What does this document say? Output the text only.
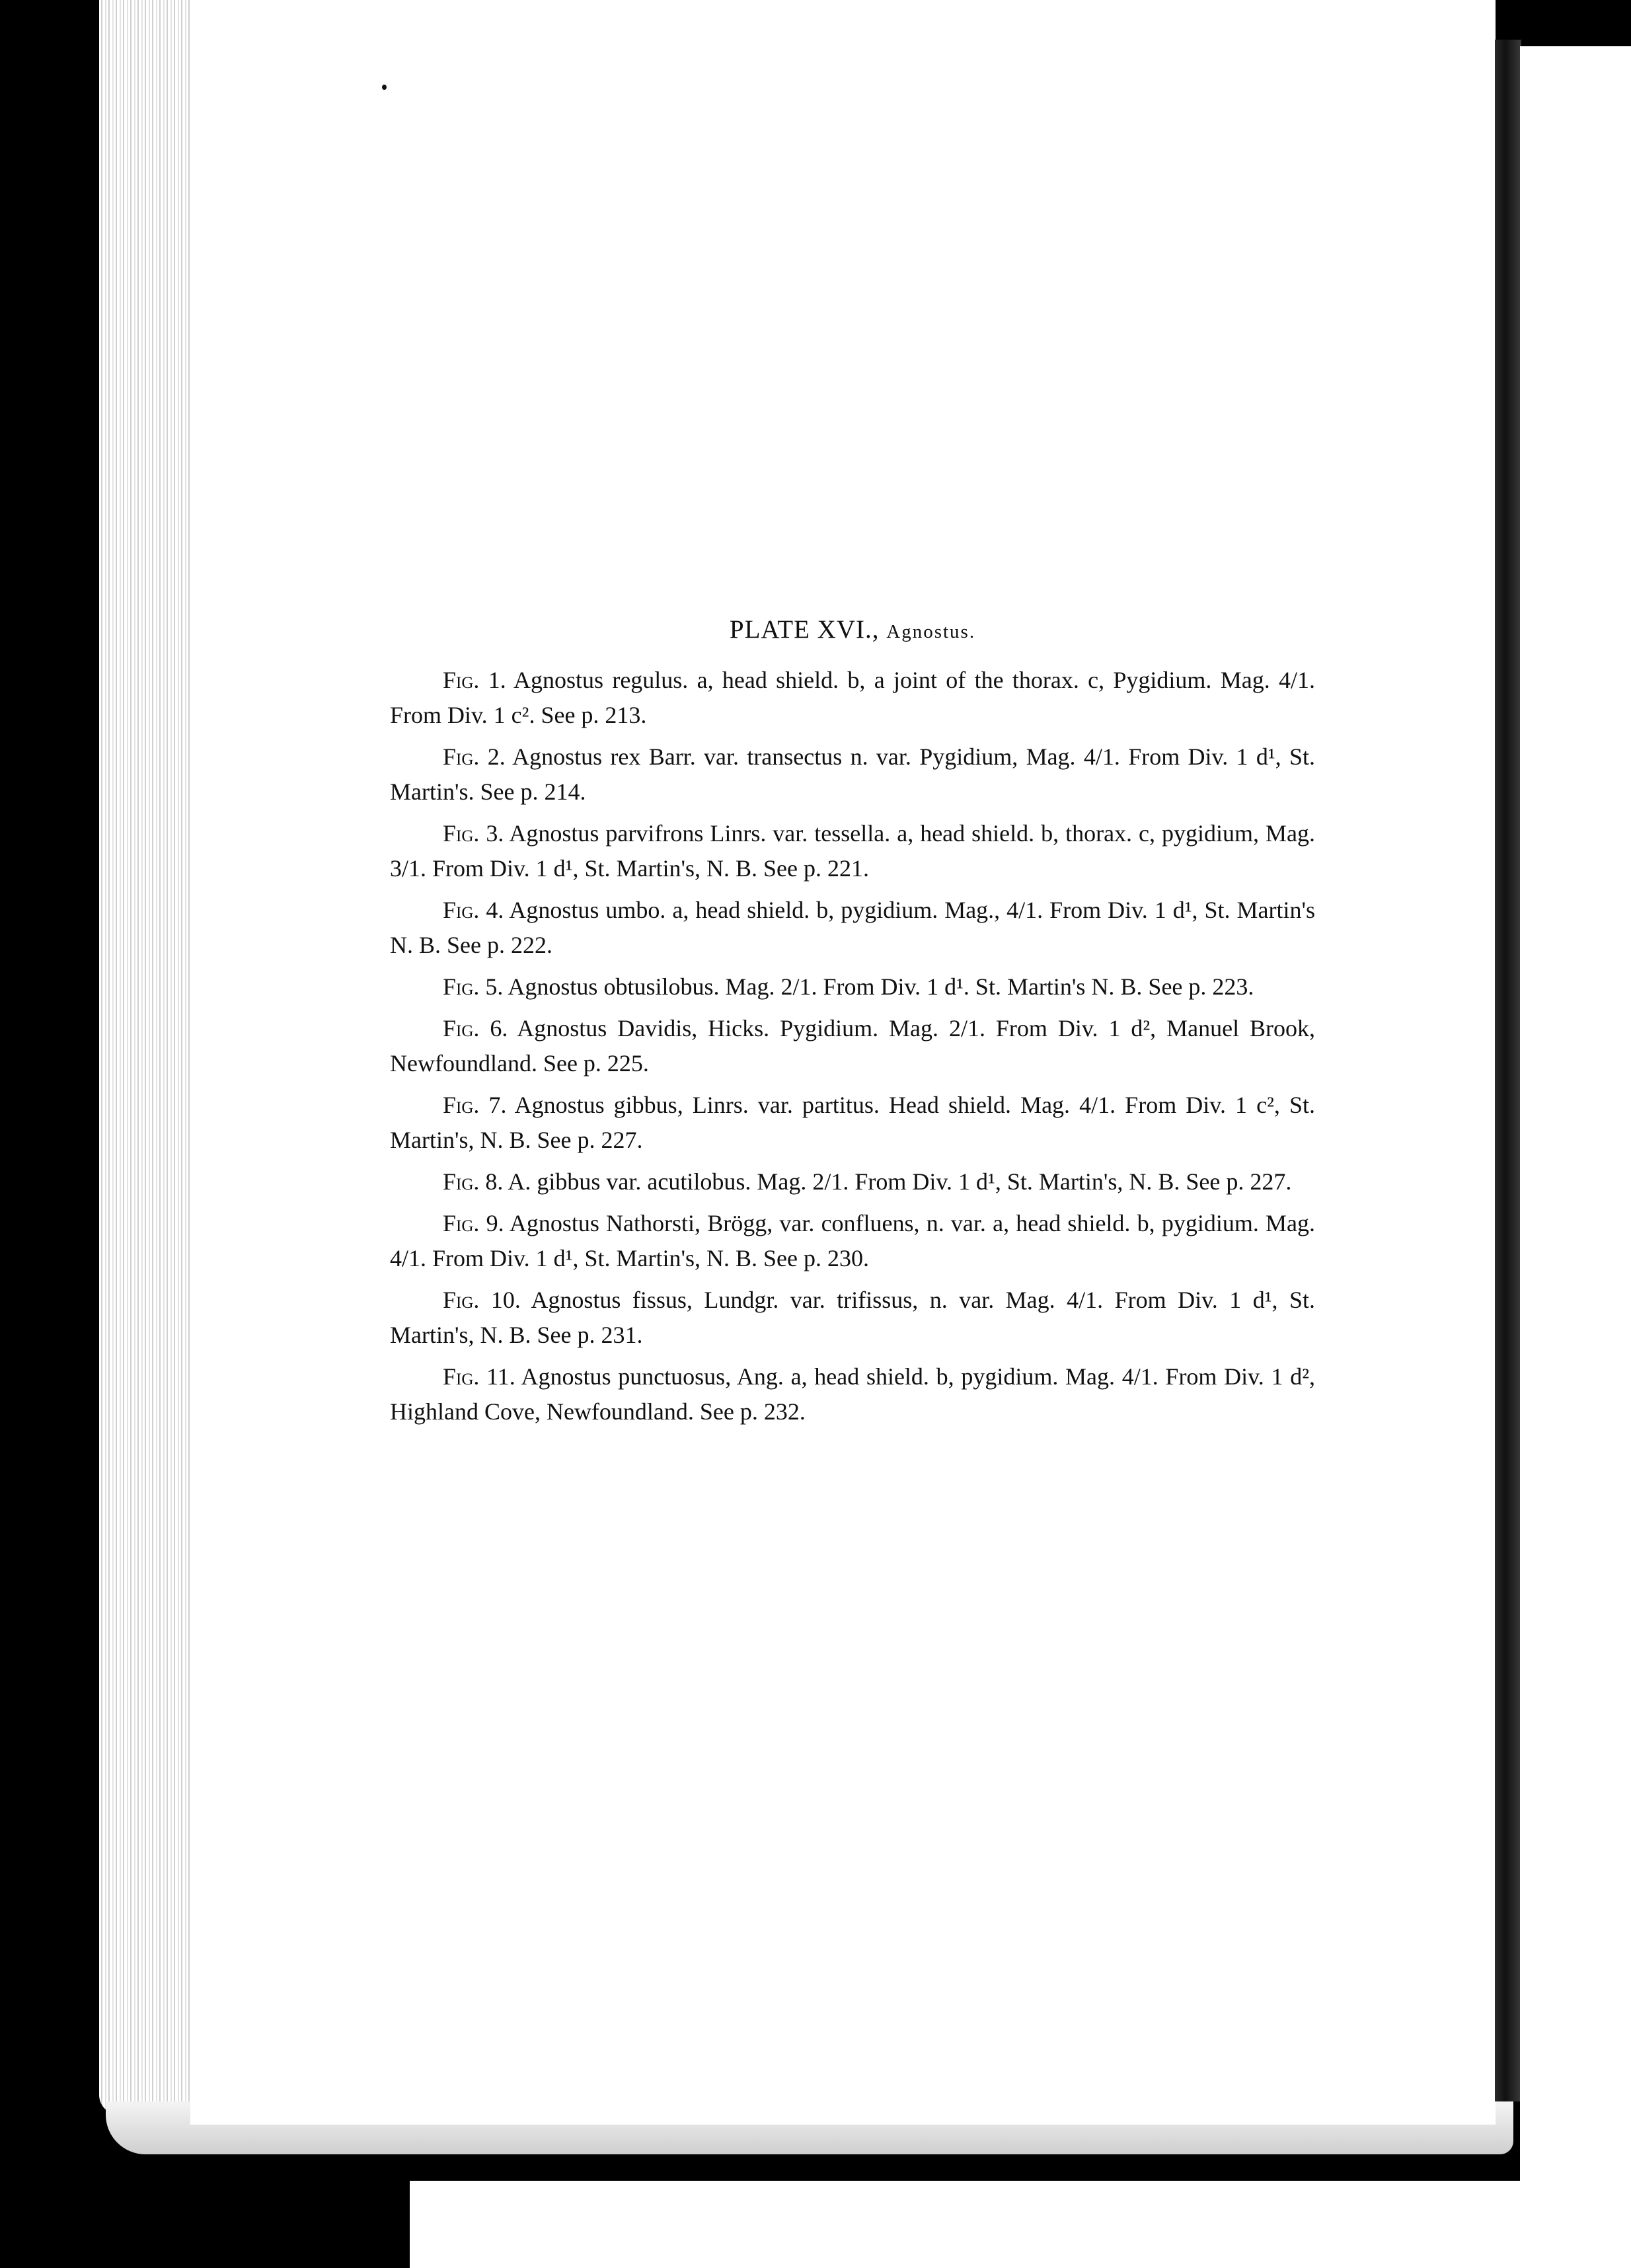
PLATE XVI., Agnostus.

Fig. 1. Agnostus regulus. a, head shield. b, a joint of the thorax. c, Pygidium. Mag. 4/1. From Div. 1 c². See p. 213.

Fig. 2. Agnostus rex Barr. var. transectus n. var. Pygidium, Mag. 4/1. From Div. 1 d¹, St. Martin's. See p. 214.

Fig. 3. Agnostus parvifrons Linrs. var. tessella. a, head shield. b, thorax. c, pygidium, Mag. 3/1. From Div. 1 d¹, St. Martin's, N. B. See p. 221.

Fig. 4. Agnostus umbo. a, head shield. b, pygidium. Mag., 4/1. From Div. 1 d¹, St. Martin's N. B. See p. 222.

Fig. 5. Agnostus obtusilobus. Mag. 2/1. From Div. 1 d¹. St. Martin's N. B. See p. 223.

Fig. 6. Agnostus Davidis, Hicks. Pygidium. Mag. 2/1. From Div. 1 d², Manuel Brook, Newfoundland. See p. 225.

Fig. 7. Agnostus gibbus, Linrs. var. partitus. Head shield. Mag. 4/1. From Div. 1 c², St. Martin's, N. B. See p. 227.

Fig. 8. A. gibbus var. acutilobus. Mag. 2/1. From Div. 1 d¹, St. Martin's, N. B. See p. 227.

Fig. 9. Agnostus Nathorsti, Brögg, var. confluens, n. var. a, head shield. b, pygidium. Mag. 4/1. From Div. 1 d¹, St. Martin's, N. B. See p. 230.

Fig. 10. Agnostus fissus, Lundgr. var. trifissus, n. var. Mag. 4/1. From Div. 1 d¹, St. Martin's, N. B. See p. 231.

Fig. 11. Agnostus punctuosus, Ang. a, head shield. b, pygidium. Mag. 4/1. From Div. 1 d², Highland Cove, Newfoundland. See p. 232.
